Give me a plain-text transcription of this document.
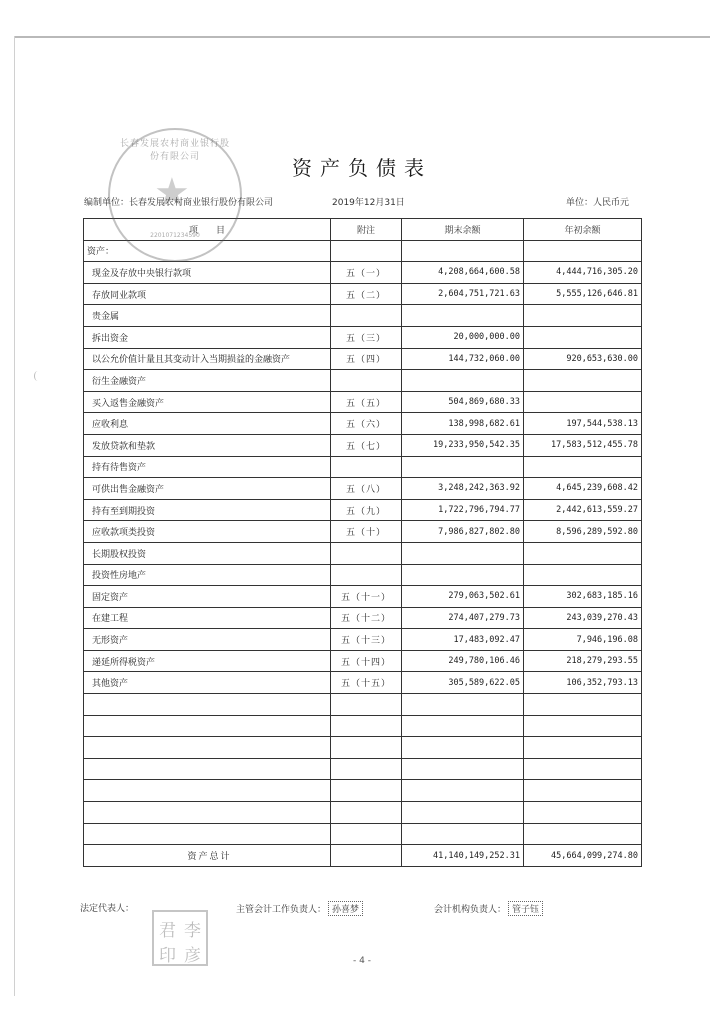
资产负债表
编制单位：长春发展农村商业银行股份有限公司	2019年12月31日	单位：人民币元
项　　目	附注	期末余额	年初余额
资产：			
现金及存放中央银行款项	五（一）	4,208,664,600.58	4,444,716,305.20
存放同业款项	五（二）	2,604,751,721.63	5,555,126,646.81
贵金属			
拆出资金	五（三）	20,000,000.00	
以公允价值计量且其变动计入当期损益的金融资产	五（四）	144,732,060.00	920,653,630.00
衍生金融资产			
买入返售金融资产	五（五）	504,869,680.33	
应收利息	五（六）	138,998,682.61	197,544,538.13
发放贷款和垫款	五（七）	19,233,950,542.35	17,583,512,455.78
持有待售资产			
可供出售金融资产	五（八）	3,248,242,363.92	4,645,239,608.42
持有至到期投资	五（九）	1,722,796,794.77	2,442,613,559.27
应收款项类投资	五（十）	7,986,827,802.80	8,596,289,592.80
长期股权投资			
投资性房地产			
固定资产	五（十一）	279,063,502.61	302,683,185.16
在建工程	五（十二）	274,407,279.73	243,039,270.43
无形资产	五（十三）	17,483,092.47	7,946,196.08
递延所得税资产	五（十四）	249,780,106.46	218,279,293.55
其他资产	五（十五）	305,589,622.05	106,352,793.13

资产总计		41,140,149,252.31	45,664,099,274.80
法定代表人：	主管会计工作负责人： 孙喜梦	会计机构负责人： 管子钰
长春发展农村商业银行股份有限公司
★
2201071234590
君 李
印 彦	- 4 -
